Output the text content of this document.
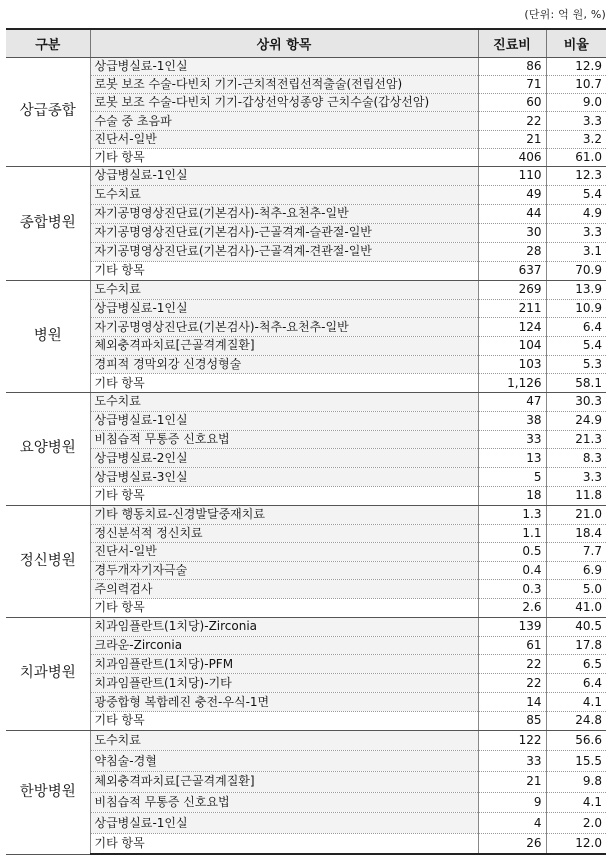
(단위: 억 원, %)
구분	상위 항목	진료비	비율
상급종합	상급병실료-1인실	86	12.9
	로봇 보조 수술-다빈치 기기-근치적전립선적출술(전립선암)	71	10.7
	로봇 보조 수술-다빈치 기기-갑상선악성종양 근치수술(갑상선암)	60	9.0
	수술 중 초음파	22	3.3
	진단서-일반	21	3.2
	기타 항목	406	61.0
종합병원	상급병실료-1인실	110	12.3
	도수치료	49	5.4
	자기공명영상진단료(기본검사)-척추-요천추-일반	44	4.9
	자기공명영상진단료(기본검사)-근골격계-슬관절-일반	30	3.3
	자기공명영상진단료(기본검사)-근골격계-견관절-일반	28	3.1
	기타 항목	637	70.9
병원	도수치료	269	13.9
	상급병실료-1인실	211	10.9
	자기공명영상진단료(기본검사)-척추-요천추-일반	124	6.4
	체외충격파치료[근골격계질환]	104	5.4
	경피적 경막외강 신경성형술	103	5.3
	기타 항목	1,126	58.1
요양병원	도수치료	47	30.3
	상급병실료-1인실	38	24.9
	비침습적 무통증 신호요법	33	21.3
	상급병실료-2인실	13	8.3
	상급병실료-3인실	5	3.3
	기타 항목	18	11.8
정신병원	기타 행동치료-신경발달중재치료	1.3	21.0
	정신분석적 정신치료	1.1	18.4
	진단서-일반	0.5	7.7
	경두개자기자극술	0.4	6.9
	주의력검사	0.3	5.0
	기타 항목	2.6	41.0
치과병원	치과임플란트(1치당)-Zirconia	139	40.5
	크라운-Zirconia	61	17.8
	치과임플란트(1치당)-PFM	22	6.5
	치과임플란트(1치당)-기타	22	6.4
	광중합형 복합레진 충전-우식-1면	14	4.1
	기타 항목	85	24.8
한방병원	도수치료	122	56.6
	약침술-경혈	33	15.5
	체외충격파치료[근골격계질환]	21	9.8
	비침습적 무통증 신호요법	9	4.1
	상급병실료-1인실	4	2.0
	기타 항목	26	12.0
